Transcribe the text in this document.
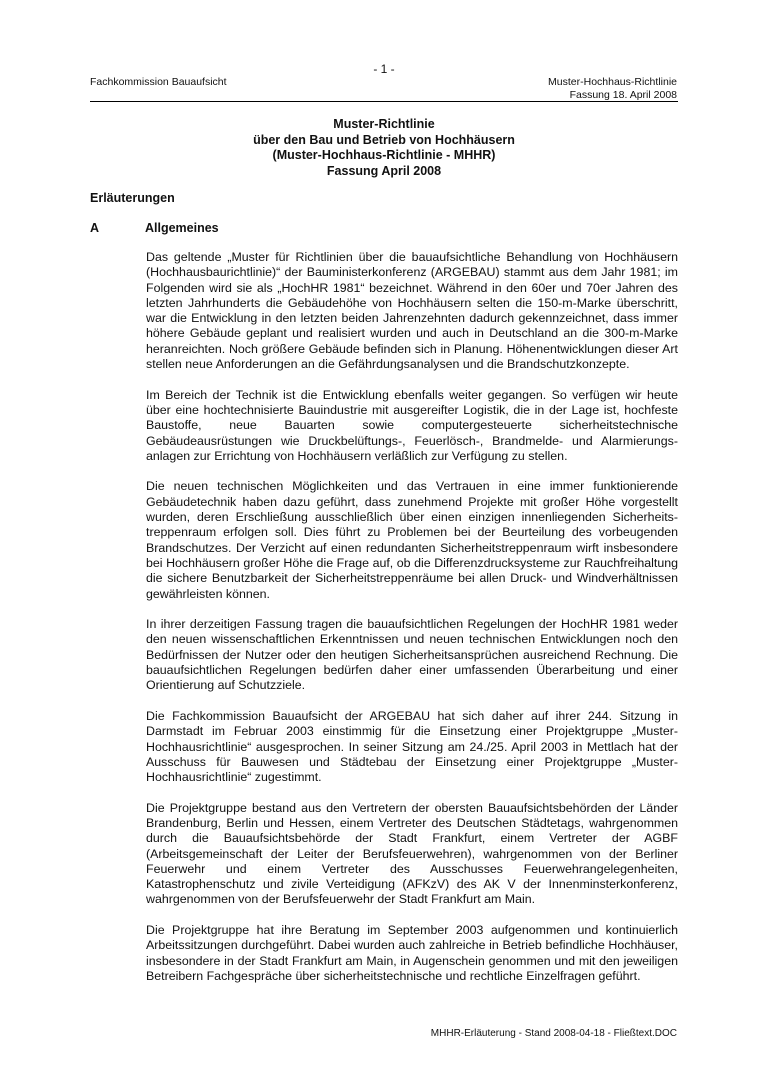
- 1 -
Fachkommission Bauaufsicht	Muster-Hochhaus-Richtlinie
Fassung 18. April 2008
Muster-Richtlinie
über den Bau und Betrieb von Hochhäusern
(Muster-Hochhaus-Richtlinie - MHHR)
Fassung April 2008
Erläuterungen
A	Allgemeines

Das geltende „Muster für Richtlinien über die bauaufsichtliche Behandlung von Hochhäusern (Hochhausbaurichtlinie)“ der Bauministerkonferenz (ARGEBAU) stammt aus dem Jahr 1981; im Folgenden wird sie als „HochHR 1981“ bezeichnet. Während in den 60er und 70er Jahren des letzten Jahrhunderts die Gebäudehöhe von Hochhäusern selten die 150-m-Marke überschritt, war die Entwicklung in den letzten beiden Jahrenzehnten dadurch gekennzeichnet, dass immer höhere Gebäude geplant und realisiert wurden und auch in Deutschland an die 300-m-Marke heranreichten. Noch größere Gebäude befinden sich in Planung. Höhenentwicklungen dieser Art stellen neue Anforderungen an die Gefährdungsanalysen und die Brandschutzkonzepte.

Im Bereich der Technik ist die Entwicklung ebenfalls weiter gegangen. So verfügen wir heute über eine hochtechnisierte Bauindustrie mit ausgereifter Logistik, die in der Lage ist, hochfeste Baustoffe, neue Bauarten sowie computergesteuerte sicherheitstechnische Gebäudeausrüstungen wie Druckbelüftungs-, Feuerlösch-, Brandmelde- und Alarmierungsanlagen zur Errichtung von Hochhäusern verläßlich zur Verfügung zu stellen.

Die neuen technischen Möglichkeiten und das Vertrauen in eine immer funktionierende Gebäudetechnik haben dazu geführt, dass zunehmend Projekte mit großer Höhe vorgestellt wurden, deren Erschließung ausschließlich über einen einzigen innenliegenden Sicherheitstreppenraum erfolgen soll. Dies führt zu Problemen bei der Beurteilung des vorbeugenden Brandschutzes. Der Verzicht auf einen redundanten Sicherheitstreppenraum wirft insbesondere bei Hochhäusern großer Höhe die Frage auf, ob die Differenzdrucksysteme zur Rauchfreihaltung die sichere Benutzbarkeit der Sicherheitstreppenräume bei allen Druck- und Windverhältnissen gewährleisten können.

In ihrer derzeitigen Fassung tragen die bauaufsichtlichen Regelungen der HochHR 1981 weder den neuen wissenschaftlichen Erkenntnissen und neuen technischen Entwicklungen noch den Bedürfnissen der Nutzer oder den heutigen Sicherheitsansprüchen ausreichend Rechnung. Die bauaufsichtlichen Regelungen bedürfen daher einer umfassenden Überarbeitung und einer Orientierung auf Schutzziele.

Die Fachkommission Bauaufsicht der ARGEBAU hat sich daher auf ihrer 244. Sitzung in Darmstadt im Februar 2003 einstimmig für die Einsetzung einer Projektgruppe „Muster-Hochhausrichtlinie“ ausgesprochen. In seiner Sitzung am 24./25. April 2003 in Mettlach hat der Ausschuss für Bauwesen und Städtebau der Einsetzung einer Projektgruppe „Muster-Hochhausrichtlinie“ zugestimmt.

Die Projektgruppe bestand aus den Vertretern der obersten Bauaufsichtsbehörden der Länder Brandenburg, Berlin und Hessen, einem Vertreter des Deutschen Städtetags, wahrgenommen durch die Bauaufsichtsbehörde der Stadt Frankfurt, einem Vertreter der AGBF (Arbeitsgemeinschaft der Leiter der Berufsfeuerwehren), wahrgenommen von der Berliner Feuerwehr und einem Vertreter des Ausschusses Feuerwehrangelegenheiten, Katastrophenschutz und zivile Verteidigung (AFKzV) des AK V der Innenminsterkonferenz, wahrgenommen von der Berufsfeuerwehr der Stadt Frankfurt am Main.

Die Projektgruppe hat ihre Beratung im September 2003 aufgenommen und kontinuierlich Arbeitssitzungen durchgeführt. Dabei wurden auch zahlreiche in Betrieb befindliche Hochhäuser, insbesondere in der Stadt Frankfurt am Main, in Augenschein genommen und mit den jeweiligen Betreibern Fachgespräche über sicherheitstechnische und rechtliche Einzelfragen geführt.

MHHR-Erläuterung - Stand 2008-04-18 - Fließtext.DOC
